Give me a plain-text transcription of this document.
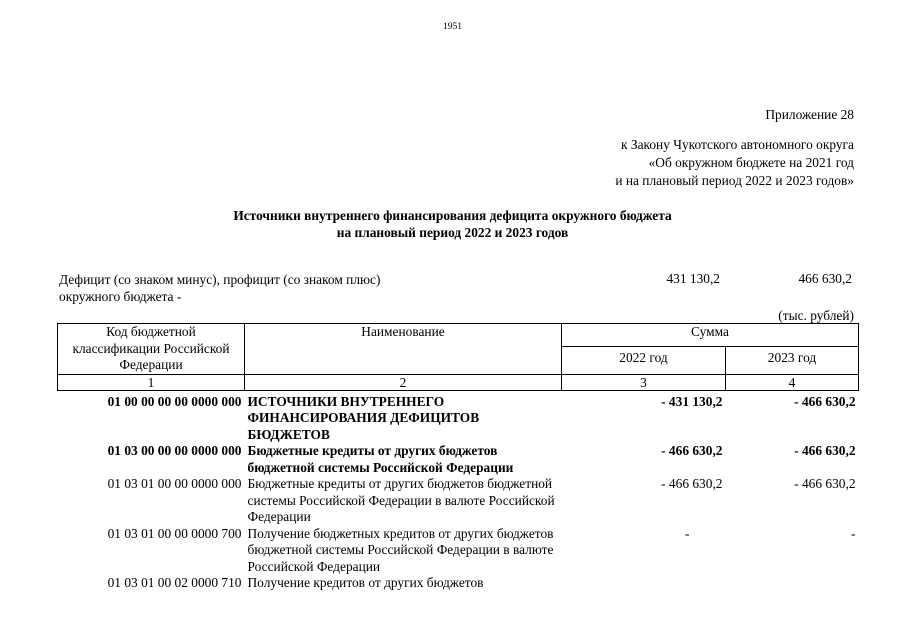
1951
Приложение 28
к Закону Чукотского автономного округа
«Об окружном бюджете на 2021 год
и на плановый период 2022 и 2023 годов»
Источники внутреннего финансирования дефицита окружного бюджета
на плановый период 2022 и 2023 годов
Дефицит (со знаком минус), профицит (со знаком плюс)
окружного бюджета -
431 130,2	466 630,2
(тыс. рублей)
Код бюджетной классификации Российской Федерации	Наименование	Сумма	
		2022 год	2023 год
1	2	3	4
01 00 00 00 00 0000 000	ИСТОЧНИКИ ВНУТРЕННЕГО ФИНАНСИРОВАНИЯ ДЕФИЦИТОВ БЮДЖЕТОВ	- 431 130,2	- 466 630,2
01 03 00 00 00 0000 000	Бюджетные кредиты от других бюджетов бюджетной системы Российской Федерации	- 466 630,2	- 466 630,2
01 03 01 00 00 0000 000	Бюджетные кредиты от других бюджетов бюджетной системы Российской Федерации в валюте Российской Федерации	- 466 630,2	- 466 630,2
01 03 01 00 00 0000 700	Получение бюджетных кредитов от других бюджетов бюджетной системы Российской Федерации в валюте Российской Федерации	-	-
01 03 01 00 02 0000 710	Получение кредитов от других бюджетов		
